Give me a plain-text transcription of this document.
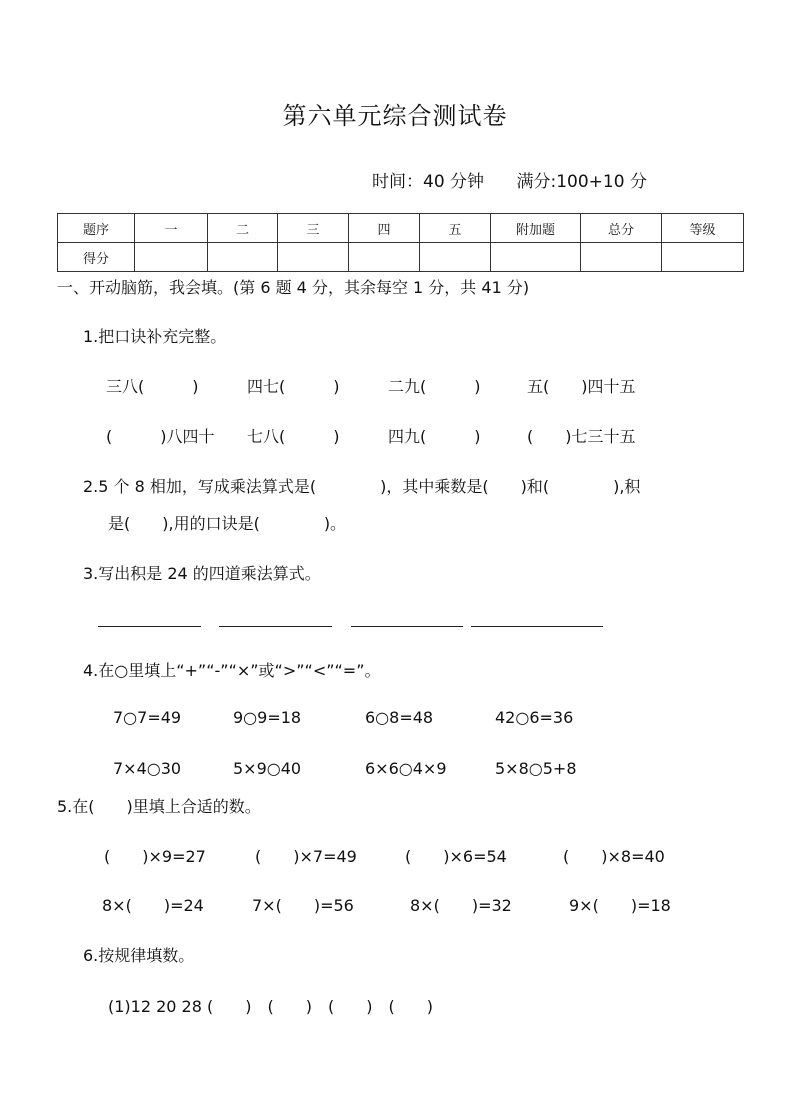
第六单元综合测试卷
时间：40 分钟 满分:100+10 分
题序	一	二	三	四	五	附加题	总分	等级
得分								
一、开动脑筋，我会填。(第 6 题 4 分，其余每空 1 分，共 41 分)
1.把口诀补充完整。
三八(　　　)	四七(　　　)	二九(　　　)	五(　　)四十五
(　　　)八四十 七八(　　　)	四九(　　　)	(　　)七三十五
2.5 个 8 相加，写成乘法算式是(　　　　)，其中乘数是(　　)和(　　　　),积
是(　　),用的口诀是(　　　　)。
3.写出积是 24 的四道乘法算式。
4.在○里填上“+”“-”“×”或“>”“<”“=”。
7○7=49	9○9=18	6○8=48	42○6=36
7×4○30	5×9○40	6×6○4×9	5×8○5+8
5.在(　　)里填上合适的数。
(　　)×9=27	(　　)×7=49	(　　)×6=54	(　　)×8=40
8×(　　)=24	7×(　　)=56	8×(　　)=32	9×(　　)=18
6.按规律填数。
(1)12 20 28 (　　)　(　　)　(　　)　(　　)
